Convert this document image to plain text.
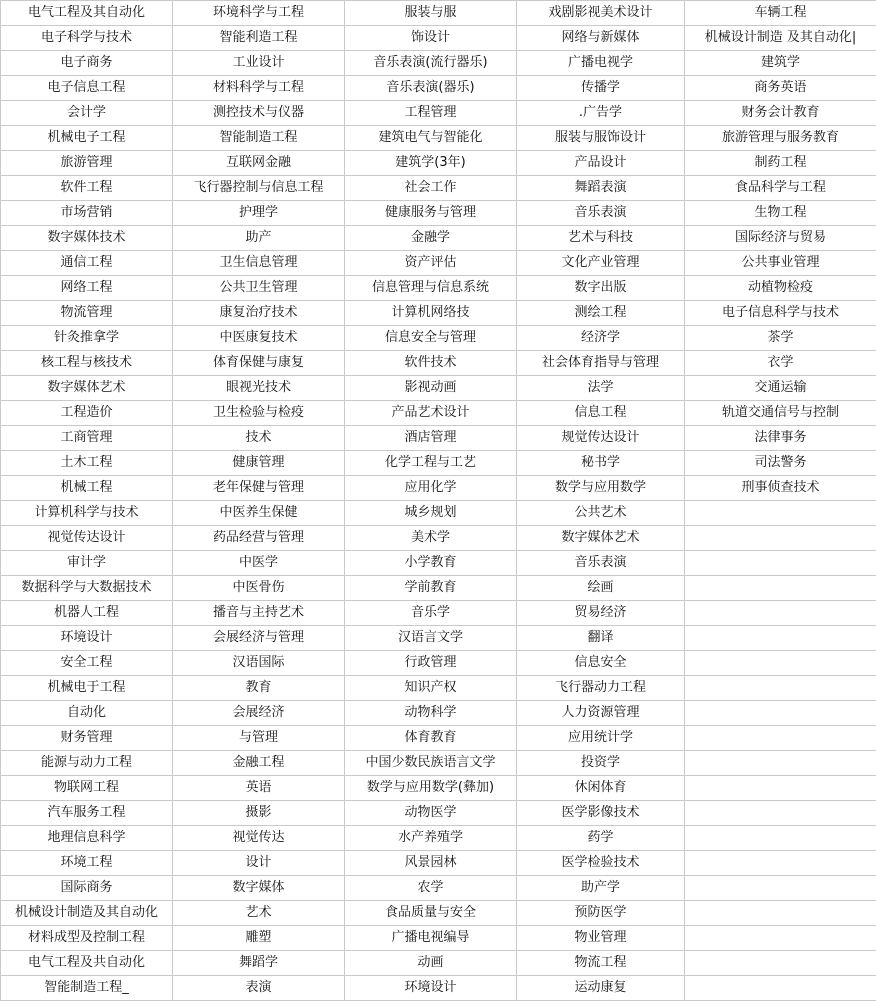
电气工程及其自动化	环境科学与工程	服装与服	戏剧影视美术设计	车辆工程
电子科学与技术	智能利造工程	饰设计	网络与新媒体	机械设计制造 及其自动化|
电子商务	工业设计	音乐表演(流行器乐)	广播电视学	建筑学
电子信息工程	材料科学与工程	音乐表演(器乐)	传播学	商务英语
会计学	测控技术与仪器	工程管理	.广告学	财务会计教育
机械电子工程	智能制造工程	建筑电气与智能化	服装与服饰设计	旅游管理与服务教育
旅游管理	互联网金融	建筑学(3年)	产品设计	制药工程
软件工程	飞行器控制与信息工程	社会工作	舞蹈表演	食品科学与工程
市场营销	护理学	健康服务与管理	音乐表演	生物工程
数字媒体技术	助产	金融学	艺术与科技	国际经济与贸易
通信工程	卫生信息管理	资产评估	文化产业管理	公共事业管理
网络工程	公共卫生管理	信息管理与信息系统	数字出版	动植物检疫
物流管理	康复治疗技术	计算机网络技	测绘工程	电子信息科学与技术
针灸推拿学	中医康复技术	信息安全与管理	经济学	茶学
核工程与核技术	体育保健与康复	软件技术	社会体育指导与管理	衣学
数字媒体艺术	眼视光技术	影视动画	法学	交通运输
工程造价	卫生检验与检疫	产品艺术设计	信息工程	轨道交通信号与控制
工商管理	技术	酒店管理	规觉传达设计	法律事务
土木工程	健康管理	化学工程与工艺	秘书学	司法警务
机械工程	老年保健与管理	应用化学	数学与应用数学	刑事侦查技术
计算机科学与技术	中医养生保健	城乡规划	公共艺术	
视觉传达设计	药品经营与管理	美术学	数字媒体艺术	
审计学	中医学	小学教育	音乐表演	
数据科学与大数据技术	中医骨伤	学前教育	绘画	
机器人工程	播音与主持艺术	音乐学	贸易经济	
环境设计	会展经济与管理	汉语言文学	翻译	
安全工程	汉语国际	行政管理	信息安全	
机械电于工程	教育	知识产权	飞行器动力工程	
自动化	会展经济	动物科学	人力资源管理	
财务管理	与管理	体育教育	应用统计学	
能源与动力工程	金融工程	中国少数民族语言文学	投资学	
物联网工程	英语	数学与应用数学(彝加)	休闲体育	
汽车服务工程	摄影	动物医学	医学影像技术	
地理信息科学	视觉传达	水产养殖学	药学	
环境工程	设计	风景园林	医学检验技术	
国际商务	数字媒体	农学	助产学	
机械设计制造及其自动化	艺术	食品质量与安全	预防医学	
材料成型及控制工程	雕塑	广播电视编导	物业管理	
电气工程及共自动化	舞蹈学	动画	物流工程	
智能制造工程_	表演	环境设计	运动康复	
